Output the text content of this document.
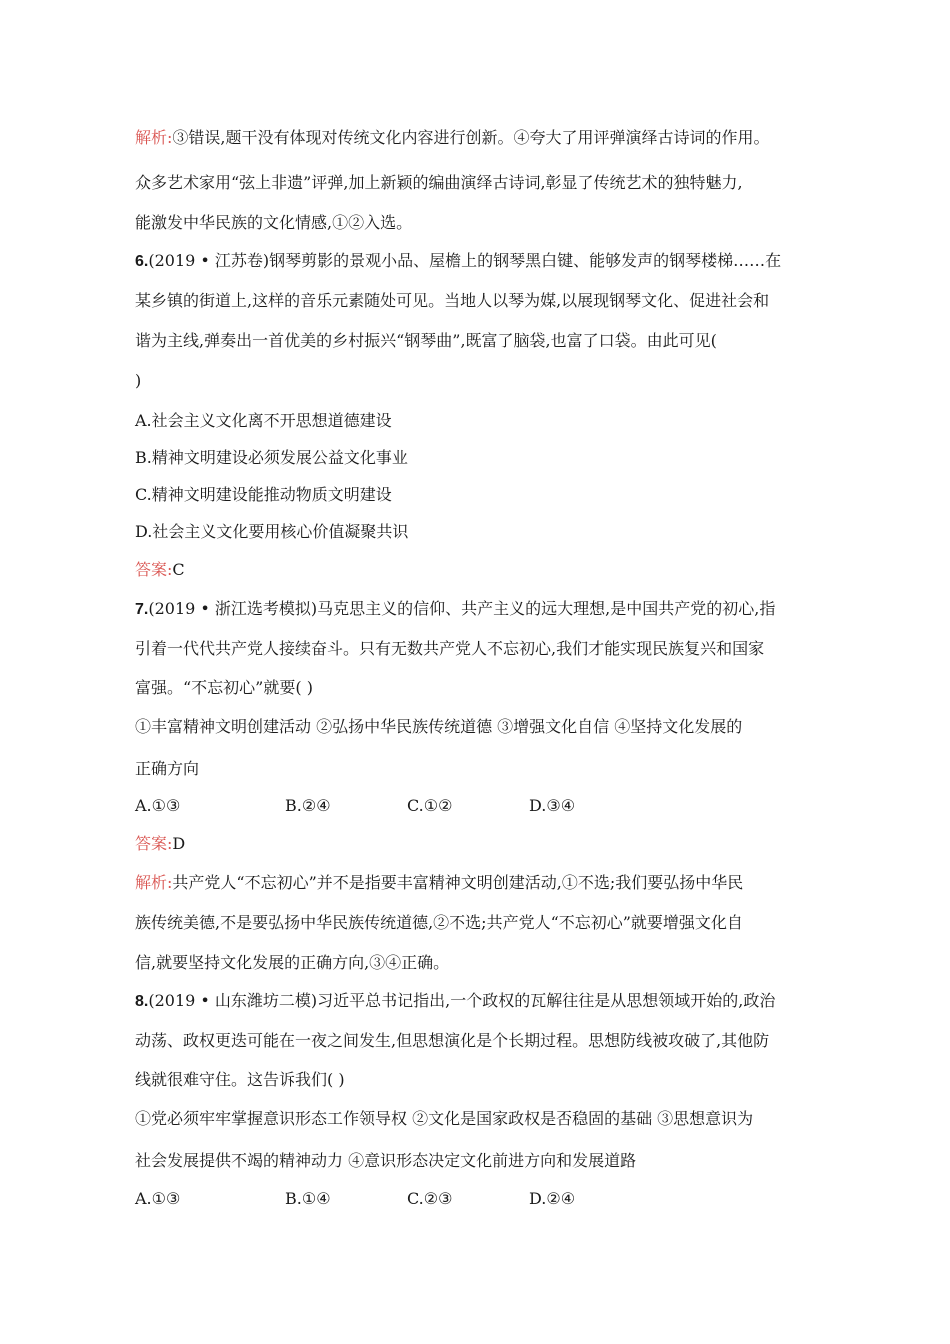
解析:③错误,题干没有体现对传统文化内容进行创新。④夸大了用评弹演绎古诗词的作用。
众多艺术家用“弦上非遗”评弹,加上新颖的编曲演绎古诗词,彰显了传统艺术的独特魅力,
能激发中华民族的文化情感,①②入选。
6.(2019 • 江苏卷)钢琴剪影的景观小品、屋檐上的钢琴黑白键、能够发声的钢琴楼梯……在
某乡镇的街道上,这样的音乐元素随处可见。当地人以琴为媒,以展现钢琴文化、促进社会和
谐为主线,弹奏出一首优美的乡村振兴“钢琴曲”,既富了脑袋,也富了口袋。由此可见(
)
A.社会主义文化离不开思想道德建设
B.精神文明建设必须发展公益文化事业
C.精神文明建设能推动物质文明建设
D.社会主义文化要用核心价值凝聚共识
答案:C
7.(2019 • 浙江选考模拟)马克思主义的信仰、共产主义的远大理想,是中国共产党的初心,指
引着一代代共产党人接续奋斗。只有无数共产党人不忘初心,我们才能实现民族复兴和国家
富强。“不忘初心”就要( )
①丰富精神文明创建活动 ②弘扬中华民族传统道德 ③增强文化自信 ④坚持文化发展的
正确方向
A.①③	B.②④	C.①②	D.③④
答案:D
解析:共产党人“不忘初心”并不是指要丰富精神文明创建活动,①不选;我们要弘扬中华民
族传统美德,不是要弘扬中华民族传统道德,②不选;共产党人“不忘初心”就要增强文化自
信,就要坚持文化发展的正确方向,③④正确。
8.(2019 • 山东潍坊二模)习近平总书记指出,一个政权的瓦解往往是从思想领域开始的,政治
动荡、政权更迭可能在一夜之间发生,但思想演化是个长期过程。思想防线被攻破了,其他防
线就很难守住。这告诉我们( )
①党必须牢牢掌握意识形态工作领导权 ②文化是国家政权是否稳固的基础 ③思想意识为
社会发展提供不竭的精神动力 ④意识形态决定文化前进方向和发展道路
A.①③	B.①④	C.②③	D.②④
